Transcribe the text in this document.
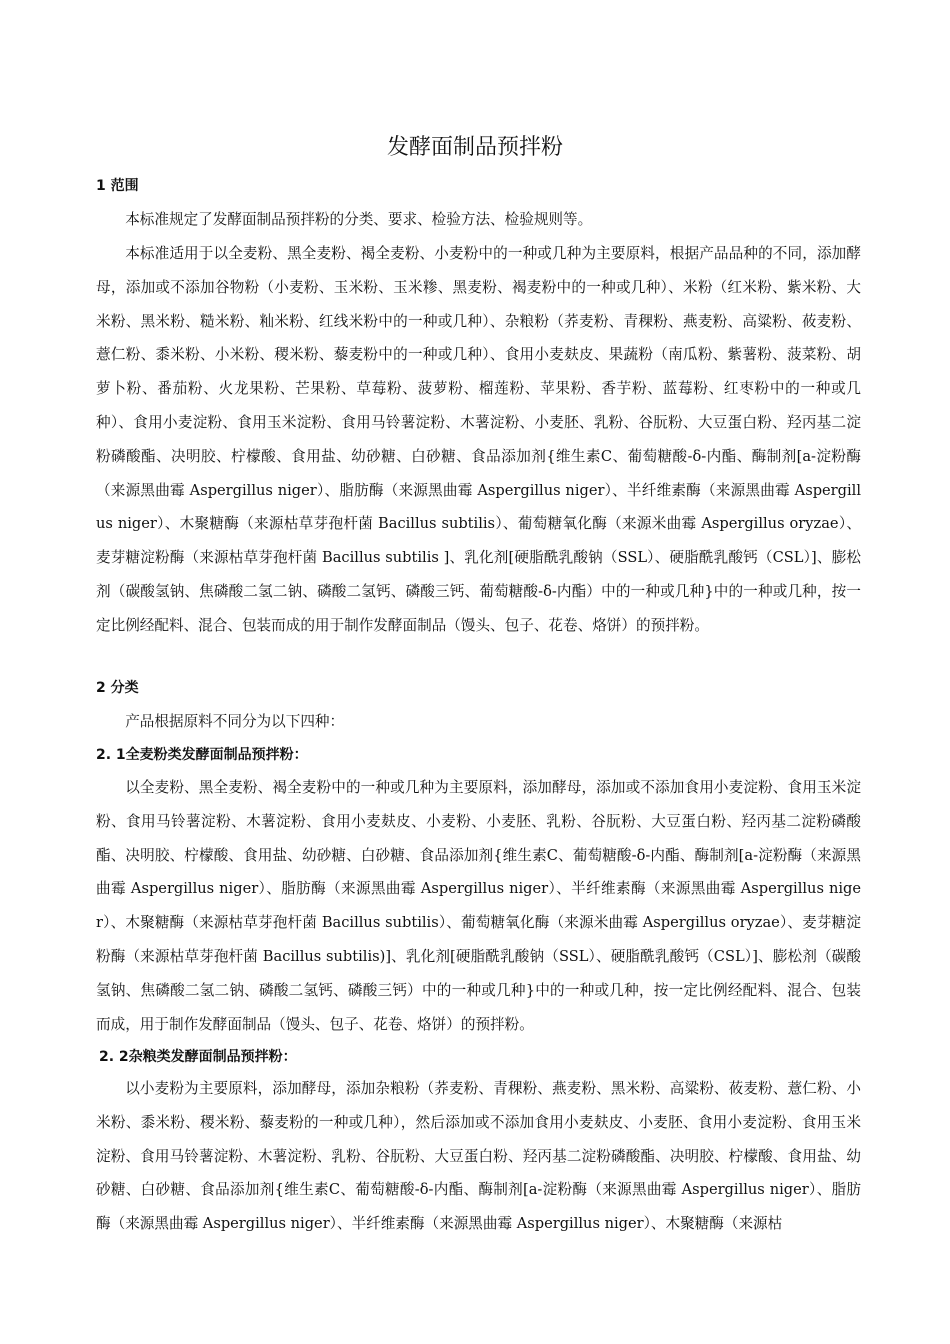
发酵面制品预拌粉
1 范围

本标准规定了发酵面制品预拌粉的分类、要求、检验方法、检验规则等。

本标准适用于以全麦粉、黑全麦粉、褐全麦粉、小麦粉中的一种或几种为主要原料，根据产品品种的不同，添加酵母，添加或不添加谷物粉（小麦粉、玉米粉、玉米糁、黑麦粉、褐麦粉中的一种或几种）、米粉（红米粉、紫米粉、大米粉、黑米粉、糙米粉、籼米粉、红线米粉中的一种或几种）、杂粮粉（荞麦粉、青稞粉、燕麦粉、高粱粉、莜麦粉、薏仁粉、黍米粉、小米粉、稷米粉、藜麦粉中的一种或几种）、食用小麦麸皮、果蔬粉（南瓜粉、紫薯粉、菠菜粉、胡萝卜粉、番茄粉、火龙果粉、芒果粉、草莓粉、菠萝粉、榴莲粉、苹果粉、香芋粉、蓝莓粉、红枣粉中的一种或几种）、食用小麦淀粉、食用玉米淀粉、食用马铃薯淀粉、木薯淀粉、小麦胚、乳粉、谷朊粉、大豆蛋白粉、羟丙基二淀粉磷酸酯、决明胶、柠檬酸、食用盐、幼砂糖、白砂糖、食品添加剂{维生素C、葡萄糖酸-δ-内酯、酶制剂[a-淀粉酶（来源黑曲霉 Aspergillus niger）、脂肪酶（来源黑曲霉 Aspergillus niger）、半纤维素酶（来源黑曲霉 Aspergillus niger）、木聚糖酶（来源枯草芽孢杆菌 Bacillus subtilis）、葡萄糖氧化酶（来源米曲霉 Aspergillus oryzae）、麦芽糖淀粉酶（来源枯草芽孢杆菌 Bacillus subtilis ]、乳化剂[硬脂酰乳酸钠（SSL）、硬脂酰乳酸钙（CSL）]、膨松剂（碳酸氢钠、焦磷酸二氢二钠、磷酸二氢钙、磷酸三钙、葡萄糖酸-δ-内酯）中的一种或几种}中的一种或几种，按一定比例经配料、混合、包装而成的用于制作发酵面制品（馒头、包子、花卷、烙饼）的预拌粉。

2 分类

产品根据原料不同分为以下四种：

2. 1全麦粉类发酵面制品预拌粉：

以全麦粉、黑全麦粉、褐全麦粉中的一种或几种为主要原料，添加酵母，添加或不添加食用小麦淀粉、食用玉米淀粉、食用马铃薯淀粉、木薯淀粉、食用小麦麸皮、小麦粉、小麦胚、乳粉、谷朊粉、大豆蛋白粉、羟丙基二淀粉磷酸酯、决明胶、柠檬酸、食用盐、幼砂糖、白砂糖、食品添加剂{维生素C、葡萄糖酸-δ-内酯、酶制剂[a-淀粉酶（来源黑曲霉 Aspergillus niger）、脂肪酶（来源黑曲霉 Aspergillus niger）、半纤维素酶（来源黑曲霉 Aspergillus niger）、木聚糖酶（来源枯草芽孢杆菌 Bacillus subtilis）、葡萄糖氧化酶（来源米曲霉 Aspergillus oryzae）、麦芽糖淀粉酶（来源枯草芽孢杆菌 Bacillus subtilis)]、乳化剂[硬脂酰乳酸钠（SSL）、硬脂酰乳酸钙（CSL）]、膨松剂（碳酸氢钠、焦磷酸二氢二钠、磷酸二氢钙、磷酸三钙）中的一种或几种}中的一种或几种，按一定比例经配料、混合、包装而成，用于制作发酵面制品（馒头、包子、花卷、烙饼）的预拌粉。

2. 2杂粮类发酵面制品预拌粉：

以小麦粉为主要原料，添加酵母，添加杂粮粉（荞麦粉、青稞粉、燕麦粉、黑米粉、高粱粉、莜麦粉、薏仁粉、小米粉、黍米粉、稷米粉、藜麦粉的一种或几种），然后添加或不添加食用小麦麸皮、小麦胚、食用小麦淀粉、食用玉米淀粉、食用马铃薯淀粉、木薯淀粉、乳粉、谷朊粉、大豆蛋白粉、羟丙基二淀粉磷酸酯、决明胶、柠檬酸、食用盐、幼砂糖、白砂糖、食品添加剂{维生素C、葡萄糖酸-δ-内酯、酶制剂[a-淀粉酶（来源黑曲霉 Aspergillus niger）、脂肪酶（来源黑曲霉 Aspergillus niger）、半纤维素酶（来源黑曲霉 Aspergillus niger）、木聚糖酶（来源枯
